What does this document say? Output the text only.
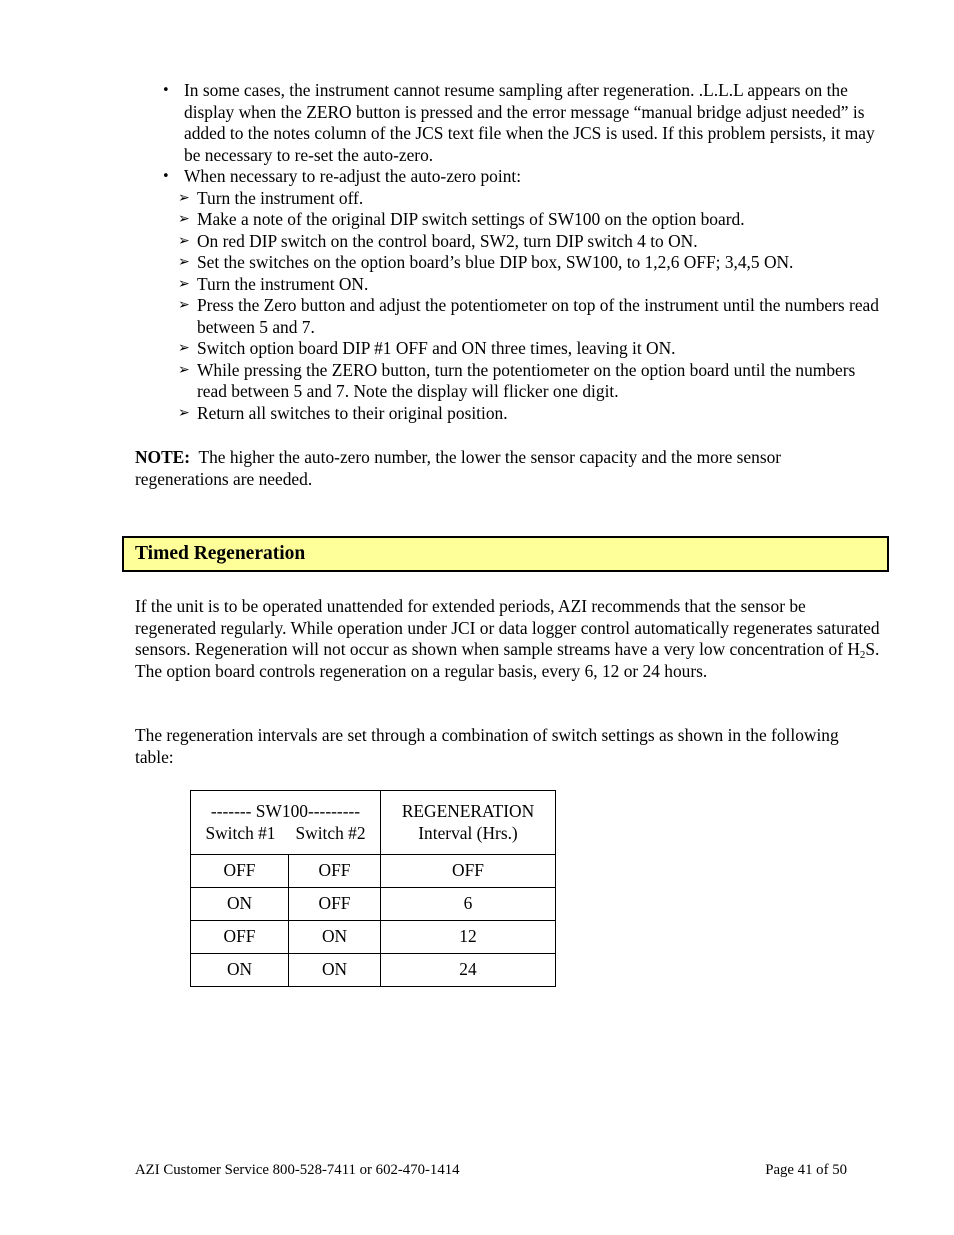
• In some cases, the instrument cannot resume sampling after regeneration. .L.L.L appears on the display when the ZERO button is pressed and the error message “manual bridge adjust needed” is added to the notes column of the JCS text file when the JCS is used. If this problem persists, it may be necessary to re-set the auto-zero.
• When necessary to re-adjust the auto-zero point:
➢ Turn the instrument off.
➢ Make a note of the original DIP switch settings of SW100 on the option board.
➢ On red DIP switch on the control board, SW2, turn DIP switch 4 to ON.
➢ Set the switches on the option board’s blue DIP box, SW100, to 1,2,6 OFF; 3,4,5 ON.
➢ Turn the instrument ON.
➢ Press the Zero button and adjust the potentiometer on top of the instrument until the numbers read between 5 and 7.
➢ Switch option board DIP #1 OFF and ON three times, leaving it ON.
➢ While pressing the ZERO button, turn the potentiometer on the option board until the numbers read between 5 and 7. Note the display will flicker one digit.
➢ Return all switches to their original position.

NOTE:  The higher the auto-zero number, the lower the sensor capacity and the more sensor regenerations are needed.

Timed Regeneration

If the unit is to be operated unattended for extended periods, AZI recommends that the sensor be regenerated regularly. While operation under JCI or data logger control automatically regenerates saturated sensors. Regeneration will not occur as shown when sample streams have a very low concentration of $H_2S$. The option board controls regeneration on a regular basis, every 6, 12 or 24 hours.

The regeneration intervals are set through a combination of switch settings as shown in the following table:

------- SW100---------
Switch #1 Switch #2		REGENERATION
Interval (Hrs.)

OFF	OFF	OFF
ON	OFF	6
OFF	ON	12
ON	ON	24
AZI Customer Service 800-528-7411 or 602-470-1414	Page 41 of 50
